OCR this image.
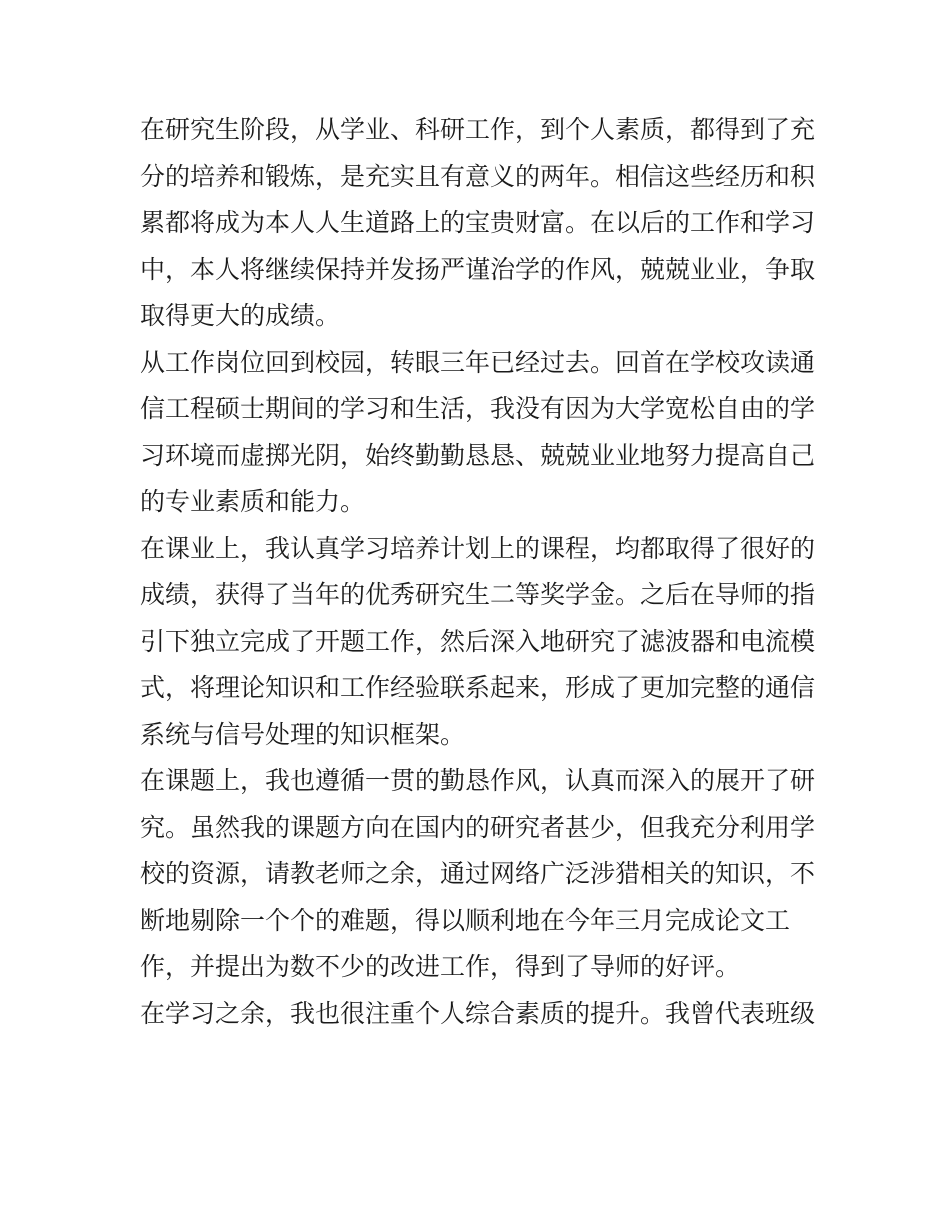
在研究生阶段，从学业、科研工作，到个人素质，都得到了充
分的培养和锻炼，是充实且有意义的两年。相信这些经历和积
累都将成为本人人生道路上的宝贵财富。在以后的工作和学习
中，本人将继续保持并发扬严谨治学的作风，兢兢业业，争取
取得更大的成绩。

从工作岗位回到校园，转眼三年已经过去。回首在学校攻读通
信工程硕士期间的学习和生活，我没有因为大学宽松自由的学
习环境而虚掷光阴，始终勤勤恳恳、兢兢业业地努力提高自己
的专业素质和能力。

在课业上，我认真学习培养计划上的课程，均都取得了很好的
成绩，获得了当年的优秀研究生二等奖学金。之后在导师的指
引下独立完成了开题工作，然后深入地研究了滤波器和电流模
式，将理论知识和工作经验联系起来，形成了更加完整的通信
系统与信号处理的知识框架。

在课题上，我也遵循一贯的勤恳作风，认真而深入的展开了研
究。虽然我的课题方向在国内的研究者甚少，但我充分利用学
校的资源，请教老师之余，通过网络广泛涉猎相关的知识，不
断地剔除一个个的难题，得以顺利地在今年三月完成论文工
作，并提出为数不少的改进工作，得到了导师的好评。

在学习之余，我也很注重个人综合素质的提升。我曾代表班级
